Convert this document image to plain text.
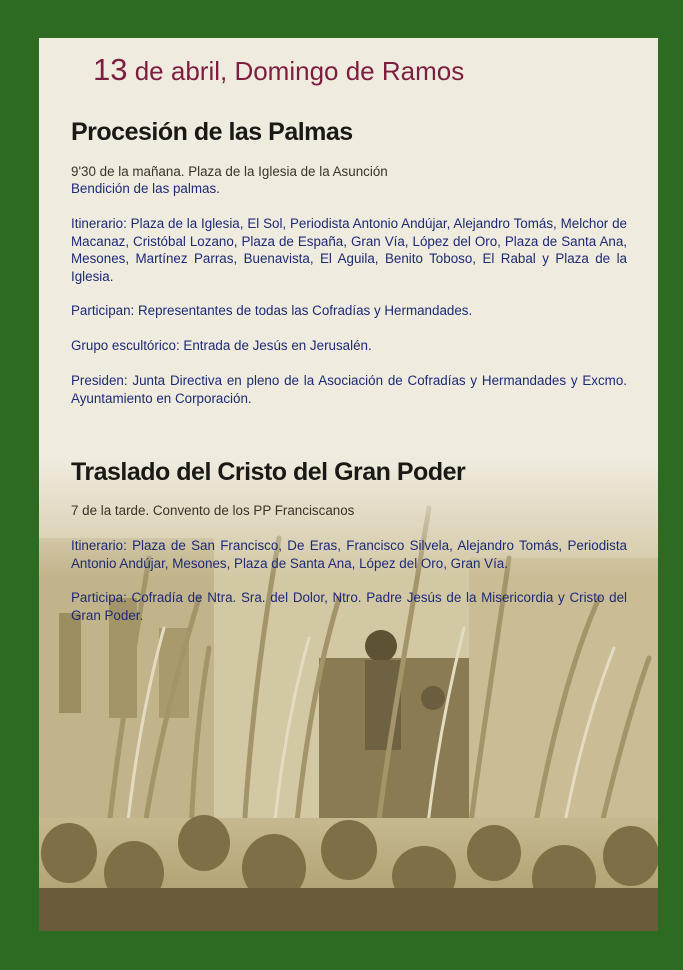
13 de abril, Domingo de Ramos
Procesión de las Palmas

9'30 de la mañana. Plaza de la Iglesia de la Asunción

Bendición de las palmas.

Itinerario: Plaza de la Iglesia, El Sol, Periodista Antonio Andújar, Alejandro Tomás, Melchor de Macanaz, Cristóbal Lozano, Plaza de España, Gran Vía, López del Oro, Plaza de Santa Ana, Mesones, Martínez Parras, Buenavista, El Aguila, Benito Toboso, El Rabal y Plaza de la Iglesia.

Participan: Representantes de todas las Cofradías y Hermandades.

Grupo escultórico: Entrada de Jesús en Jerusalén.

Presiden: Junta Directiva en pleno de la Asociación de Cofradías y Hermandades y Excmo. Ayuntamiento en Corporación.

Traslado del Cristo del Gran Poder

7 de la tarde. Convento de los PP Franciscanos

Itinerario: Plaza de San Francisco, De Eras, Francisco Silvela, Alejandro Tomás, Periodista Antonio Andújar, Mesones, Plaza de Santa Ana, López del Oro, Gran Vía.

Participa: Cofradía de Ntra. Sra. del Dolor, Ntro. Padre Jesús de la Misericordia y Cristo del Gran Poder.
